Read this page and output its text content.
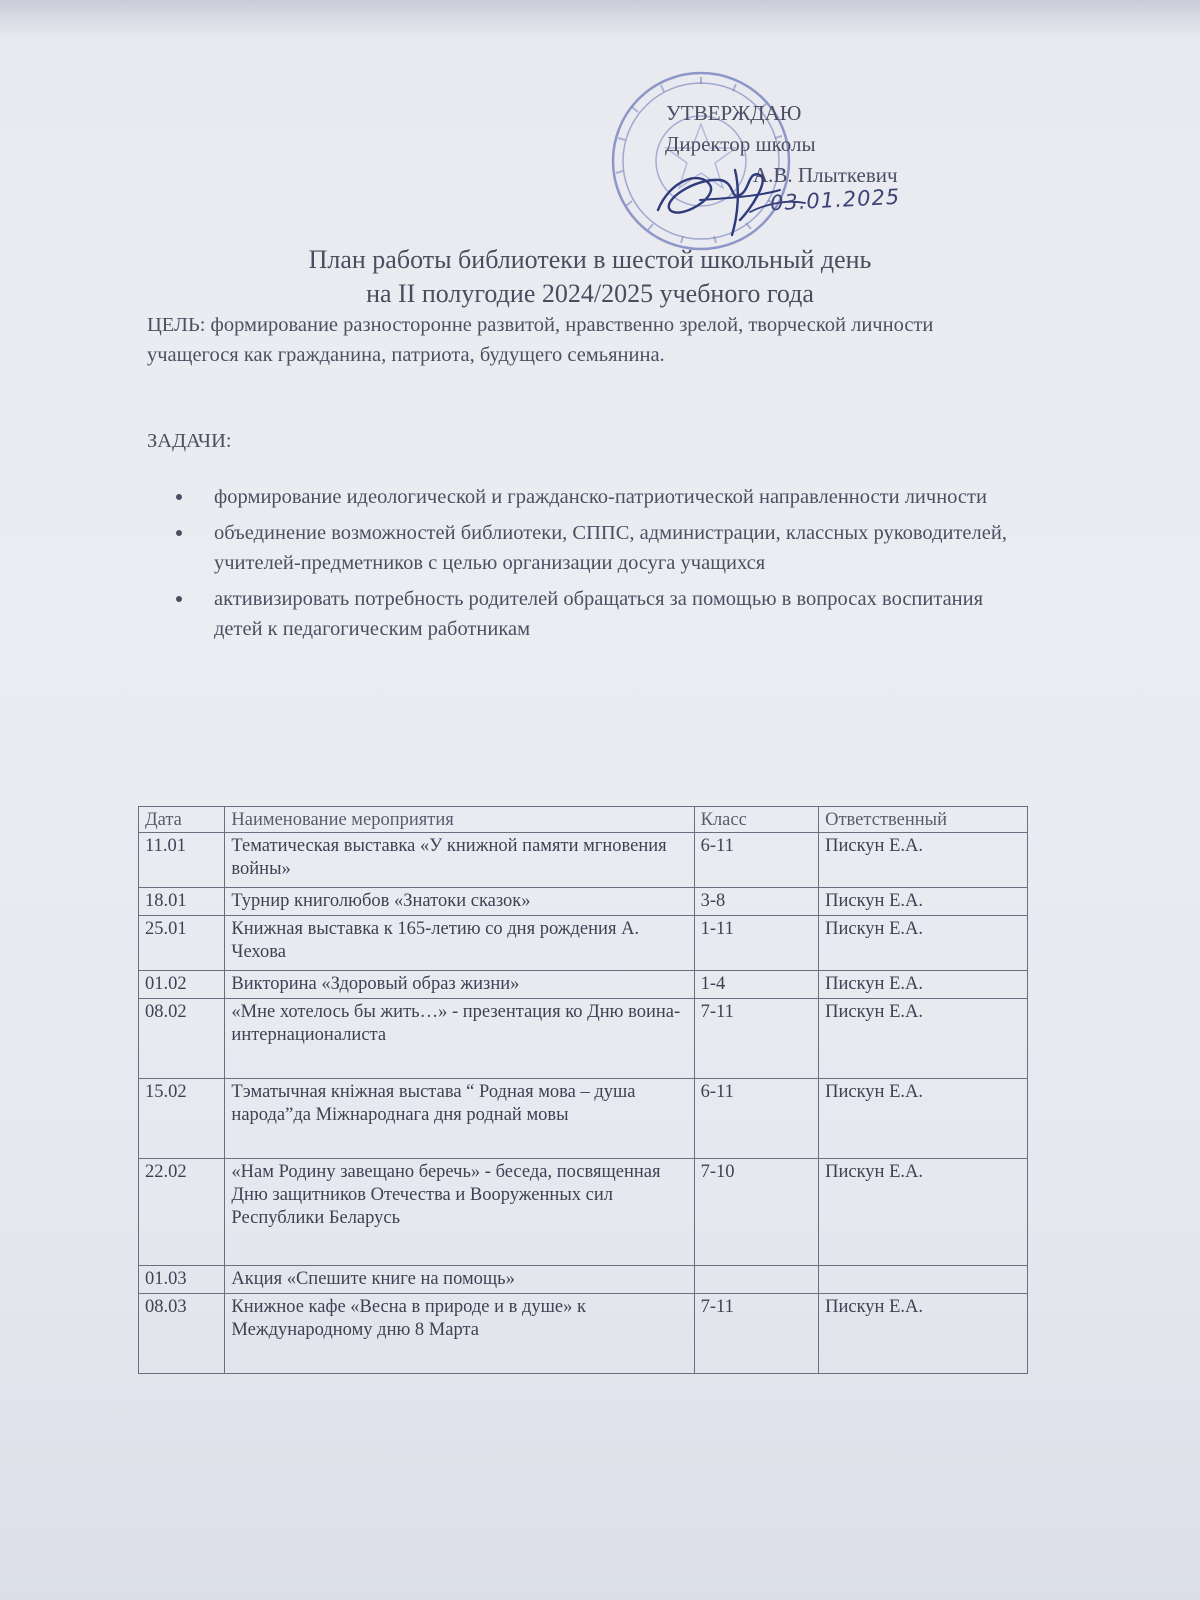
УТВЕРЖДАЮ
Директор школы
А.В. Плыткевич
03.01.2025
План работы библиотеки в шестой школьный день
на II полугодие 2024/2025 учебного года
ЦЕЛЬ: формирование разносторонне развитой, нравственно зрелой, творческой личности учащегося как гражданина, патриота, будущего семьянина.
ЗАДАЧИ:
формирование идеологической и гражданско-патриотической направленности личности
объединение возможностей библиотеки, СППС, администрации, классных руководителей, учителей-предметников с целью организации досуга учащихся
активизировать потребность родителей обращаться за помощью в вопросах воспитания детей к педагогическим работникам
Дата	Наименование мероприятия	Класс	Ответственный
11.01	Тематическая выставка «У книжной памяти мгновения войны»	6-11	Пискун Е.А.
18.01	Турнир книголюбов «Знатоки сказок»	3-8	Пискун Е.А.
25.01	Книжная выставка к 165-летию со дня рождения А. Чехова	1-11	Пискун Е.А.
01.02	Викторина «Здоровый образ жизни»	1-4	Пискун Е.А.
08.02	«Мне хотелось бы жить…» - презентация ко Дню воина-интернационалиста	7-11	Пискун Е.А.
15.02	Тэматычная кніжная выстава “ Родная мова – душа народа”да Міжнароднага дня роднай мовы	6-11	Пискун Е.А.
22.02	«Нам Родину завещано беречь» - беседа, посвященная Дню защитников Отечества и Вооруженных сил Республики Беларусь	7-10	Пискун Е.А.
01.03	Акция «Спешите книге на помощь»		
08.03	Книжное кафе «Весна в природе и в душе» к Международному дню 8 Марта	7-11	Пискун Е.А.
